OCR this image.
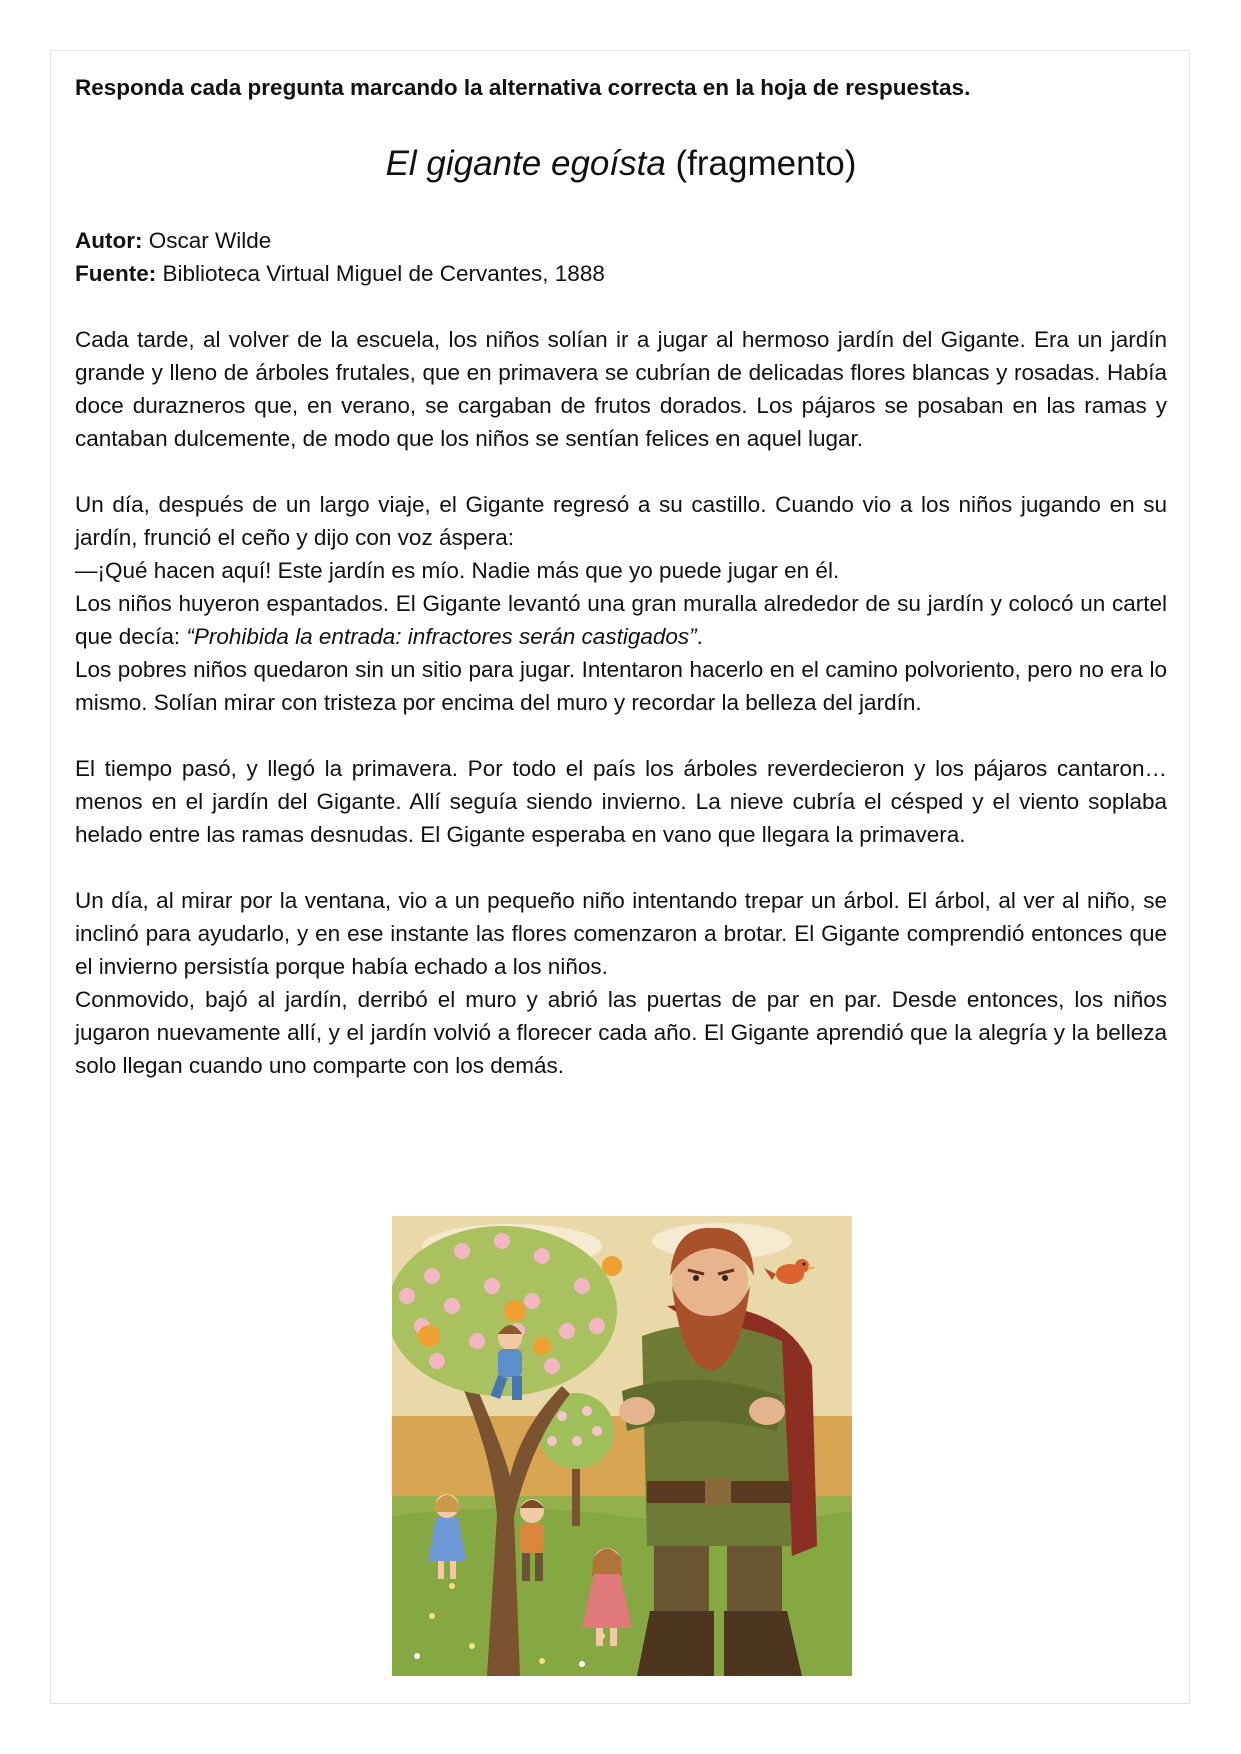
Responda cada pregunta marcando la alternativa correcta en la hoja de respuestas.

El gigante egoísta (fragmento)
Autor: Oscar Wilde
Fuente: Biblioteca Virtual Miguel de Cervantes, 1888

Cada tarde, al volver de la escuela, los niños solían ir a jugar al hermoso jardín del Gigante. Era un jardín grande y lleno de árboles frutales, que en primavera se cubrían de delicadas flores blancas y rosadas. Había doce durazneros que, en verano, se cargaban de frutos dorados. Los pájaros se posaban en las ramas y cantaban dulcemente, de modo que los niños se sentían felices en aquel lugar.

Un día, después de un largo viaje, el Gigante regresó a su castillo. Cuando vio a los niños jugando en su jardín, frunció el ceño y dijo con voz áspera:

—¡Qué hacen aquí! Este jardín es mío. Nadie más que yo puede jugar en él.

Los niños huyeron espantados. El Gigante levantó una gran muralla alrededor de su jardín y colocó un cartel que decía: “Prohibida la entrada: infractores serán castigados”.

Los pobres niños quedaron sin un sitio para jugar. Intentaron hacerlo en el camino polvoriento, pero no era lo mismo. Solían mirar con tristeza por encima del muro y recordar la belleza del jardín.

El tiempo pasó, y llegó la primavera. Por todo el país los árboles reverdecieron y los pájaros cantaron… menos en el jardín del Gigante. Allí seguía siendo invierno. La nieve cubría el césped y el viento soplaba helado entre las ramas desnudas. El Gigante esperaba en vano que llegara la primavera.

Un día, al mirar por la ventana, vio a un pequeño niño intentando trepar un árbol. El árbol, al ver al niño, se inclinó para ayudarlo, y en ese instante las flores comenzaron a brotar. El Gigante comprendió entonces que el invierno persistía porque había echado a los niños.

Conmovido, bajó al jardín, derribó el muro y abrió las puertas de par en par. Desde entonces, los niños jugaron nuevamente allí, y el jardín volvió a florecer cada año. El Gigante aprendió que la alegría y la belleza solo llegan cuando uno comparte con los demás.
